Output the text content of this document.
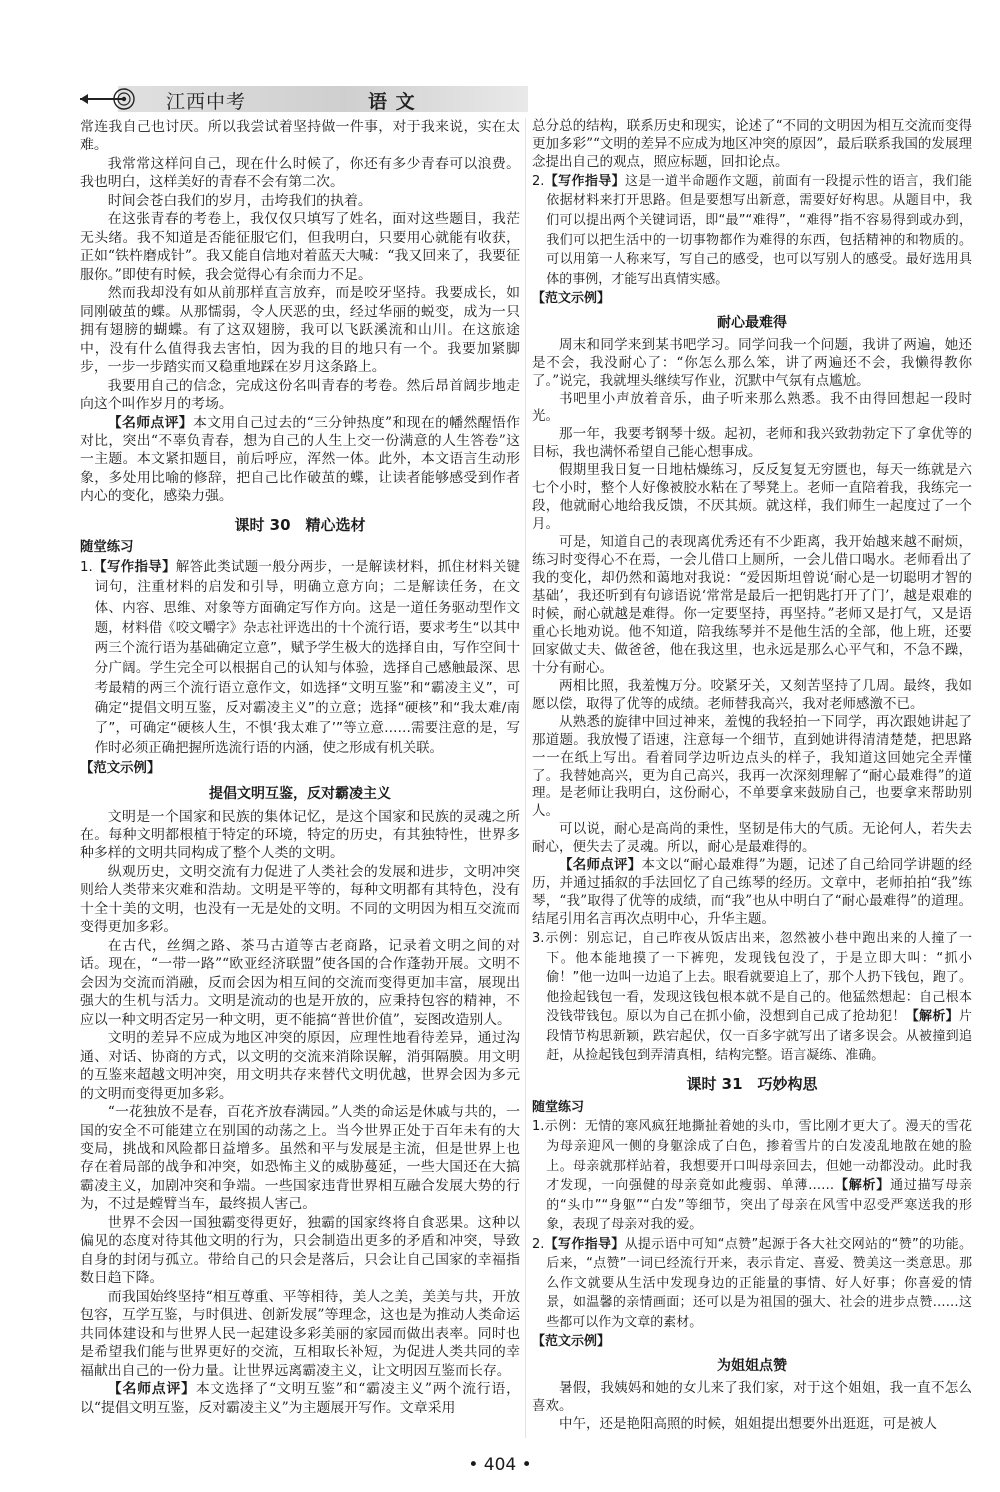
江西中考	语 文

常连我自己也讨厌。所以我尝试着坚持做一件事，对于我来说，实在太难。

我常常这样问自己，现在什么时候了，你还有多少青春可以浪费。我也明白，这样美好的青春不会有第二次。

时间会苍白我们的岁月，击垮我们的执着。

在这张青春的考卷上，我仅仅只填写了姓名，面对这些题目，我茫无头绪。我不知道是否能征服它们，但我明白，只要用心就能有收获，正如“铁杵磨成针”。我又能自信地对着蓝天大喊：“我又回来了，我要征服你。”即使有时候，我会觉得心有余而力不足。

然而我却没有如从前那样直言放弃，而是咬牙坚持。我要成长，如同刚破茧的蝶。从那懦弱，令人厌恶的虫，经过华丽的蜕变，成为一只拥有翅膀的蝴蝶。有了这双翅膀，我可以飞跃溪流和山川。在这旅途中，没有什么值得我去害怕，因为我的目的地只有一个。我要加紧脚步，一步一步踏实而又稳重地踩在岁月这条路上。

我要用自己的信念，完成这份名叫青春的考卷。然后昂首阔步地走向这个叫作岁月的考场。

【名师点评】本文用自己过去的“三分钟热度”和现在的幡然醒悟作对比，突出“不辜负青春，想为自己的人生上交一份满意的人生答卷”这一主题。本文紧扣题目，前后呼应，浑然一体。此外，本文语言生动形象，多处用比喻的修辞，把自己比作破茧的蝶，让读者能够感受到作者内心的变化，感染力强。

课时 30　精心选材

随堂练习

1.【写作指导】解答此类试题一般分两步，一是解读材料，抓住材料关键词句，注重材料的启发和引导，明确立意方向；二是解读任务，在文体、内容、思维、对象等方面确定写作方向。这是一道任务驱动型作文题，材料借《咬文嚼字》杂志社评选出的十个流行语，要求考生“以其中两三个流行语为基础确定立意”，赋予学生极大的选择自由，写作空间十分广阔。学生完全可以根据自己的认知与体验，选择自己感触最深、思考最精的两三个流行语立意作文，如选择“文明互鉴”和“霸凌主义”，可确定“提倡文明互鉴，反对霸凌主义”的立意；选择“硬核”和“我太难/南了”，可确定“硬核人生，不惧‘我太难了’”等立意……需要注意的是，写作时必须正确把握所选流行语的内涵，使之形成有机关联。

【范文示例】

提倡文明互鉴，反对霸凌主义

文明是一个国家和民族的集体记忆，是这个国家和民族的灵魂之所在。每种文明都根植于特定的环境，特定的历史，有其独特性，世界多种多样的文明共同构成了整个人类的文明。

纵观历史，文明交流有力促进了人类社会的发展和进步，文明冲突则给人类带来灾难和浩劫。文明是平等的，每种文明都有其特色，没有十全十美的文明，也没有一无是处的文明。不同的文明因为相互交流而变得更加多彩。

在古代，丝绸之路、茶马古道等古老商路，记录着文明之间的对话。现在，“一带一路”“欧亚经济联盟”使各国的合作蓬勃开展。文明不会因为交流而消融，反而会因为相互间的交流而变得更加丰富，展现出强大的生机与活力。文明是流动的也是开放的，应秉持包容的精神，不应以一种文明否定另一种文明，更不能搞“普世价值”，妄图改造别人。

文明的差异不应成为地区冲突的原因，应理性地看待差异，通过沟通、对话、协商的方式，以文明的交流来消除误解，消弭隔膜。用文明的互鉴来超越文明冲突，用文明共存来替代文明优越，世界会因为多元的文明而变得更加多彩。

“一花独放不是春，百花齐放春满园。”人类的命运是休戚与共的，一国的安全不可能建立在别国的动荡之上。当今世界正处于百年未有的大变局，挑战和风险都日益增多。虽然和平与发展是主流，但是世界上也存在着局部的战争和冲突，如恐怖主义的威胁蔓延，一些大国还在大搞霸凌主义，加剧冲突和争端。一些国家违背世界相互融合发展大势的行为，不过是螳臂当车，最终损人害己。

世界不会因一国独霸变得更好，独霸的国家终将自食恶果。这种以偏见的态度对待其他文明的行为，只会制造出更多的矛盾和冲突，导致自身的封闭与孤立。带给自己的只会是落后，只会让自己国家的幸福指数日趋下降。

而我国始终坚持“相互尊重、平等相待，美人之美，美美与共，开放包容，互学互鉴，与时俱进、创新发展”等理念，这也是为推动人类命运共同体建设和与世界人民一起建设多彩美丽的家园而做出表率。同时也是希望我们能与世界更好的交流，互相取长补短，为促进人类共同的幸福献出自己的一份力量。让世界远离霸凌主义，让文明因互鉴而长存。

【名师点评】本文选择了“文明互鉴”和“霸凌主义”两个流行语，以“提倡文明互鉴，反对霸凌主义”为主题展开写作。文章采用

总分总的结构，联系历史和现实，论述了“不同的文明因为相互交流而变得更加多彩”“文明的差异不应成为地区冲突的原因”，最后联系我国的发展理念提出自己的观点，照应标题，回扣论点。

2.【写作指导】这是一道半命题作文题，前面有一段提示性的语言，我们能依据材料来打开思路。但是要想写出新意，需要好好构思。从题目中，我们可以提出两个关键词语，即“最”“难得”，“难得”指不容易得到或办到，我们可以把生活中的一切事物都作为难得的东西，包括精神的和物质的。可以用第一人称来写，写自己的感受，也可以写别人的感受。最好选用具体的事例，才能写出真情实感。

【范文示例】

耐心最难得

周末和同学来到某书吧学习。同学问我一个问题，我讲了两遍，她还是不会，我没耐心了：“你怎么那么笨，讲了两遍还不会，我懒得教你了。”说完，我就埋头继续写作业，沉默中气氛有点尴尬。

书吧里小声放着音乐，曲子听来那么熟悉。我不由得回想起一段时光。

那一年，我要考钢琴十级。起初，老师和我兴致勃勃定下了拿优等的目标，我也满怀希望自己能心想事成。

假期里我日复一日地枯燥练习，反反复复无穷匮也，每天一练就是六七个小时，整个人好像被胶水粘在了琴凳上。老师一直陪着我，我练完一段，他就耐心地给我反馈，不厌其烦。就这样，我们师生一起度过了一个月。

可是，知道自己的表现离优秀还有不少距离，我开始越来越不耐烦，练习时变得心不在焉，一会儿借口上厕所，一会儿借口喝水。老师看出了我的变化，却仍然和蔼地对我说：“爱因斯坦曾说‘耐心是一切聪明才智的基础’，我还听到有句谚语说‘常常是最后一把钥匙打开了门’，越是艰难的时候，耐心就越是难得。你一定要坚持，再坚持。”老师又是打气，又是语重心长地劝说。他不知道，陪我练琴并不是他生活的全部，他上班，还要回家做丈夫、做爸爸，他在我这里，也永远是那么心平气和，不急不躁，十分有耐心。

两相比照，我羞愧万分。咬紧牙关，又刻苦坚持了几周。最终，我如愿以偿，取得了优等的成绩。老师替我高兴，我对老师感激不已。

从熟悉的旋律中回过神来，羞愧的我轻拍一下同学，再次跟她讲起了那道题。我放慢了语速，注意每一个细节，直到她讲得清清楚楚，把思路一一在纸上写出。看着同学边听边点头的样子，我知道这回她完全弄懂了。我替她高兴，更为自己高兴，我再一次深刻理解了“耐心最难得”的道理。是老师让我明白，这份耐心，不单要拿来鼓励自己，也要拿来帮助别人。

可以说，耐心是高尚的秉性，坚韧是伟大的气质。无论何人，若失去耐心，便失去了灵魂。所以，耐心是最难得的。

【名师点评】本文以“耐心最难得”为题，记述了自己给同学讲题的经历，并通过插叙的手法回忆了自己练琴的经历。文章中，老师拍拍“我”练琴，“我”取得了优等的成绩，而“我”也从中明白了“耐心最难得”的道理。结尾引用名言再次点明中心，升华主题。

3.示例：别忘记，自己昨夜从饭店出来，忽然被小巷中跑出来的人撞了一下。他本能地摸了一下裤兜，发现钱包没了，于是立即大叫：“抓小偷！”他一边叫一边追了上去。眼看就要追上了，那个人扔下钱包，跑了。他捡起钱包一看，发现这钱包根本就不是自己的。他猛然想起：自己根本没钱带钱包。原以为自己在抓小偷，没想到自己成了抢劫犯！【解析】片段情节构思新颖，跌宕起伏，仅一百多字就写出了诸多误会。从被撞到追赶，从捡起钱包到弄清真相，结构完整。语言凝练、准确。

课时 31　巧妙构思

随堂练习

1.示例：无情的寒风疯狂地撕扯着她的头巾，雪比刚才更大了。漫天的雪花为母亲迎风一侧的身躯涂成了白色，掺着雪片的白发凌乱地散在她的脸上。母亲就那样站着，我想要开口叫母亲回去，但她一动都没动。此时我才发现，一向强健的母亲竟如此瘦弱、单薄……【解析】通过描写母亲的“头巾”“身躯”“白发”等细节，突出了母亲在风雪中忍受严寒送我的形象，表现了母亲对我的爱。

2.【写作指导】从提示语中可知“点赞”起源于各大社交网站的“赞”的功能。后来，“点赞”一词已经流行开来，表示肯定、喜爱、赞美这一类意思。那么作文就要从生活中发现身边的正能量的事情、好人好事；你喜爱的情景，如温馨的亲情画面；还可以是为祖国的强大、社会的进步点赞……这些都可以作为文章的素材。

【范文示例】

为姐姐点赞

暑假，我姨妈和她的女儿来了我们家，对于这个姐姐，我一直不怎么喜欢。

中午，还是艳阳高照的时候，姐姐提出想要外出逛逛，可是被人

• 404 •
